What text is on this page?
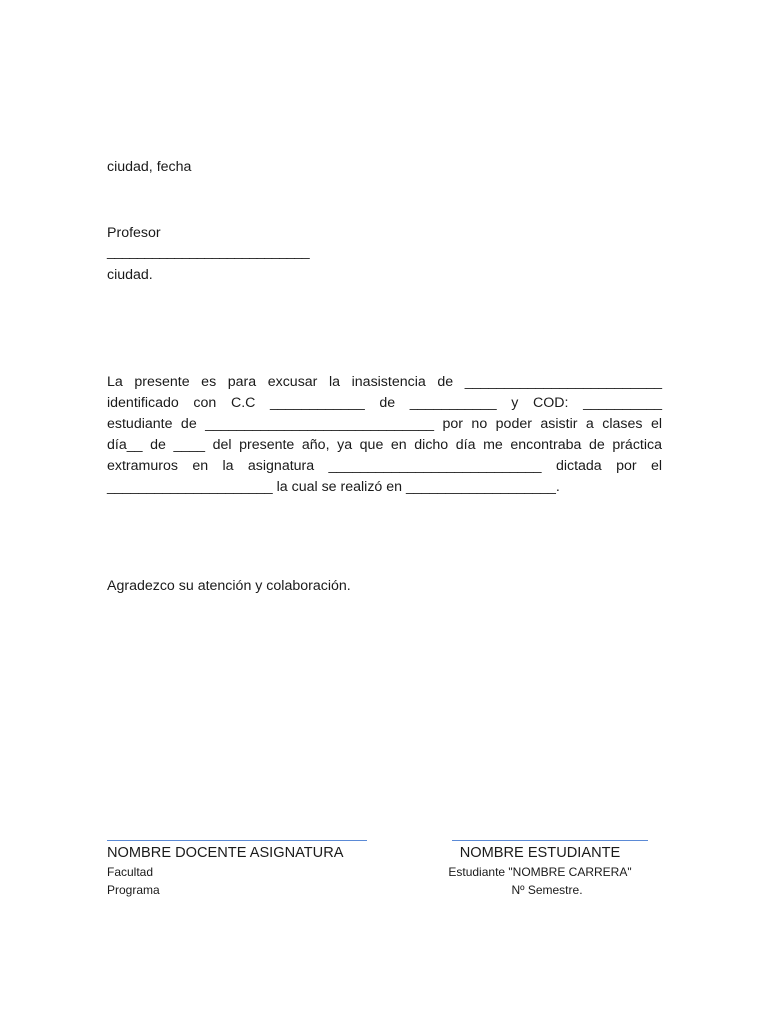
ciudad, fecha
Profesor
___________________________
ciudad.
La presente es para excusar la inasistencia de _________________________
identificado con C.C ____________ de ___________ y COD: __________
estudiante de _____________________________ por no poder asistir a clases el
día__ de ____ del presente año, ya que en dicho día me encontraba de práctica
extramuros en la asignatura ___________________________ dictada por el
_____________________ la cual se realizó en ___________________.
Agradezco su atención y colaboración.
NOMBRE DOCENTE ASIGNATURA
Facultad
Programa
NOMBRE ESTUDIANTE
Estudiante "NOMBRE CARRERA"
Nº Semestre.
